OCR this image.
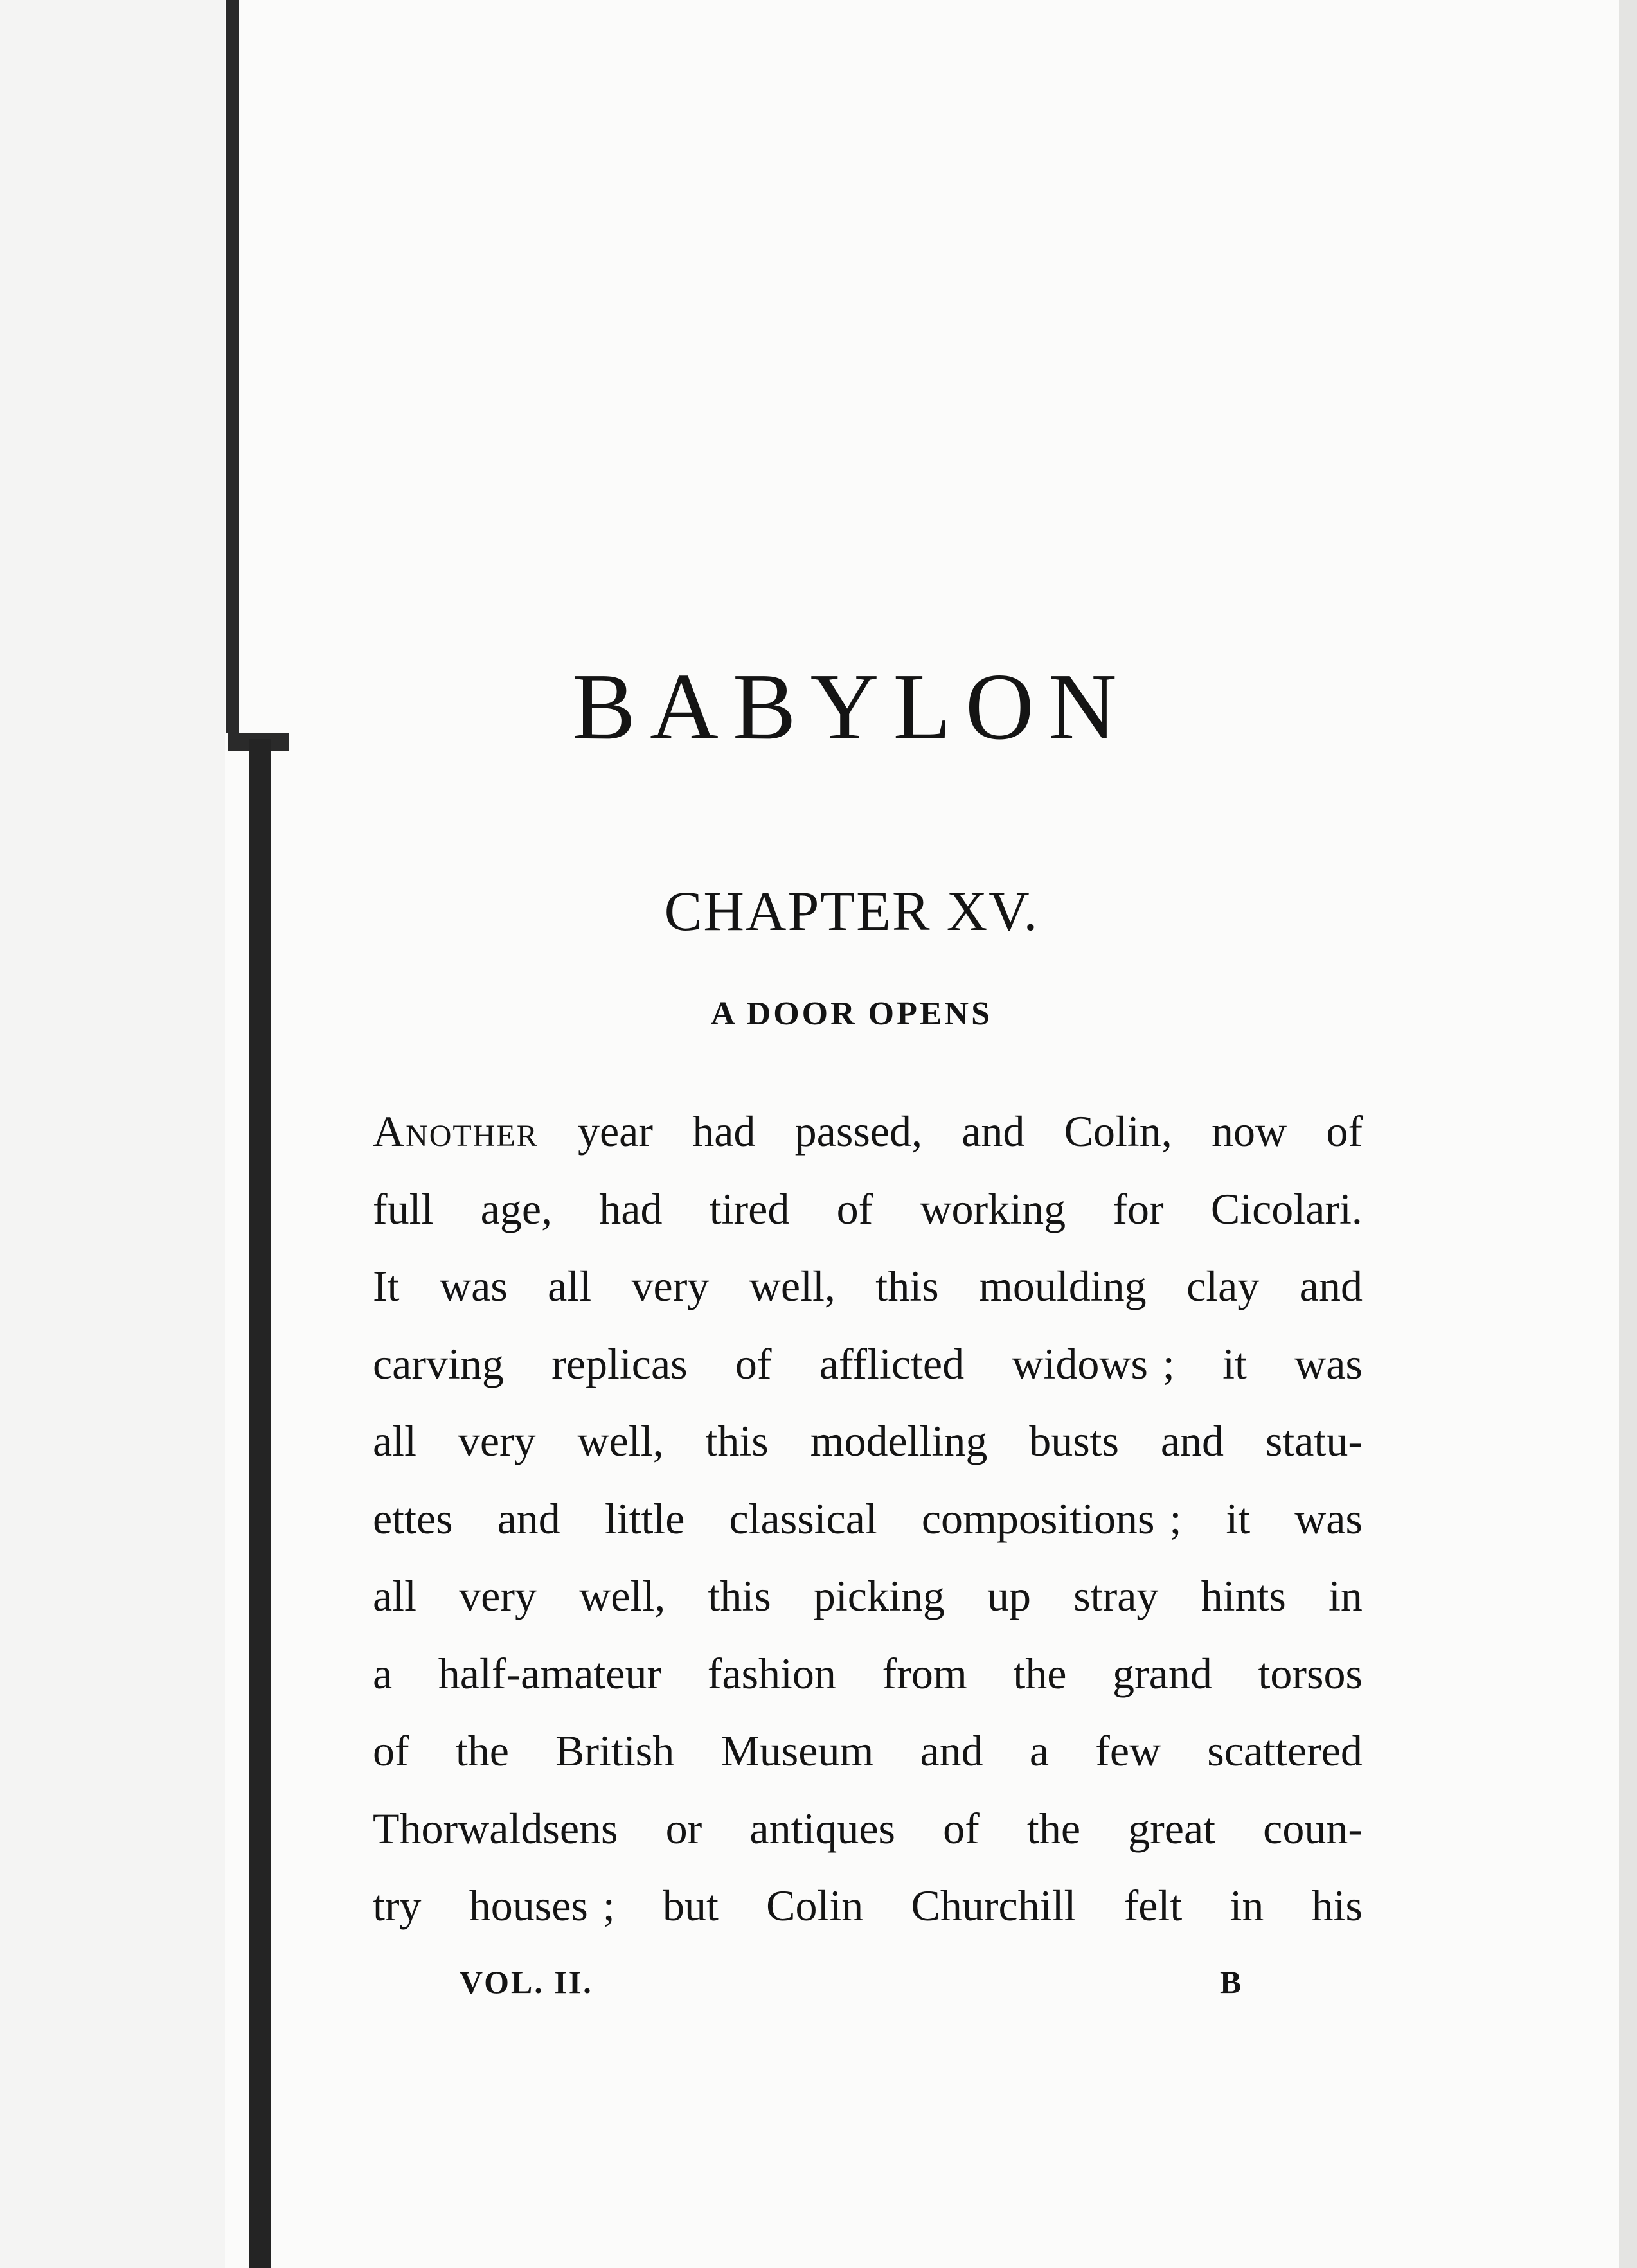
BABYLON
CHAPTER XV.
A DOOR OPENS
Another year had passed, and Colin, now of
full age, had tired of working for Cicolari.
It was all very well, this moulding clay and
carving replicas of afflicted widows ; it was
all very well, this modelling busts and statu-
ettes and little classical compositions ; it was
all very well, this picking up stray hints in
a half-amateur fashion from the grand torsos
of the British Museum and a few scattered
Thorwaldsens or antiques of the great coun-
try houses ; but Colin Churchill felt in his
VOL. II.	B
